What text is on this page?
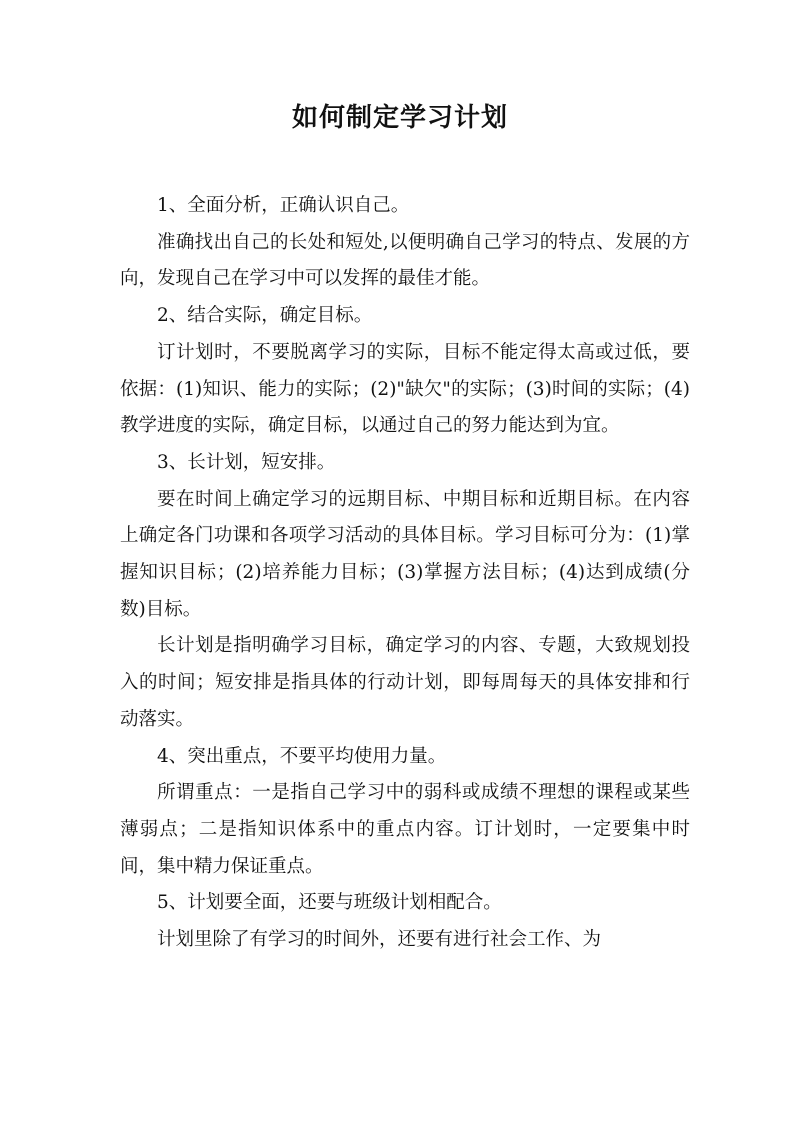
如何制定学习计划

1、全面分析，正确认识自己。

准确找出自己的长处和短处,以便明确自己学习的特点、发展的方向，发现自己在学习中可以发挥的最佳才能。

2、结合实际，确定目标。

订计划时，不要脱离学习的实际，目标不能定得太高或过低，要依据：(1)知识、能力的实际；(2)"缺欠"的实际；(3)时间的实际；(4)教学进度的实际，确定目标，以通过自己的努力能达到为宜。

3、长计划，短安排。

要在时间上确定学习的远期目标、中期目标和近期目标。在内容上确定各门功课和各项学习活动的具体目标。学习目标可分为：(1)掌握知识目标；(2)培养能力目标；(3)掌握方法目标；(4)达到成绩(分数)目标。

长计划是指明确学习目标，确定学习的内容、专题，大致规划投入的时间；短安排是指具体的行动计划，即每周每天的具体安排和行动落实。

4、突出重点，不要平均使用力量。

所谓重点：一是指自己学习中的弱科或成绩不理想的课程或某些薄弱点；二是指知识体系中的重点内容。订计划时，一定要集中时间，集中精力保证重点。

5、计划要全面，还要与班级计划相配合。

计划里除了有学习的时间外，还要有进行社会工作、为
